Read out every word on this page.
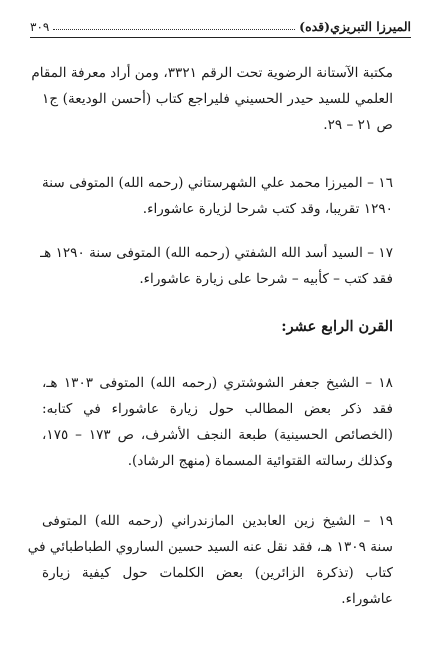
الميرزا التبريزي(قده)
٣٠٩
مكتبة الآستانة الرضوية تحت الرقم ٣٣٢١، ومن أراد معرفة المقام
العلمي للسيد حيدر الحسيني فليراجع كتاب (أحسن الوديعة) ج١
ص ٢١ – ٢٩.
١٦ – الميرزا محمد علي الشهرستاني (رحمه الله) المتوفى سنة
١٢٩٠ تقريبا، وقد كتب شرحا لزيارة عاشوراء.
١٧ – السيد أسد الله الشفتي (رحمه الله) المتوفى سنة ١٢٩٠ هـ
فقد كتب – كأبيه – شرحا على زيارة عاشوراء.
القرن الرابع عشر:
١٨ – الشيخ جعفر الشوشتري (رحمه الله) المتوفى ١٣٠٣ هـ،
فقد ذكر بعض المطالب حول زيارة عاشوراء في كتابه:
(الخصائص الحسينية) طبعة النجف الأشرف، ص ١٧٣ – ١٧٥،
وكذلك رسالته القتوائية المسماة (منهج الرشاد).
١٩ – الشيخ زين العابدين المازندراني (رحمه الله) المتوفى
سنة ١٣٠٩ هـ، فقد نقل عنه السيد حسين الساروي الطباطبائي في
كتاب (تذكرة الزائرين) بعض الكلمات حول كيفية زيارة
عاشوراء.
